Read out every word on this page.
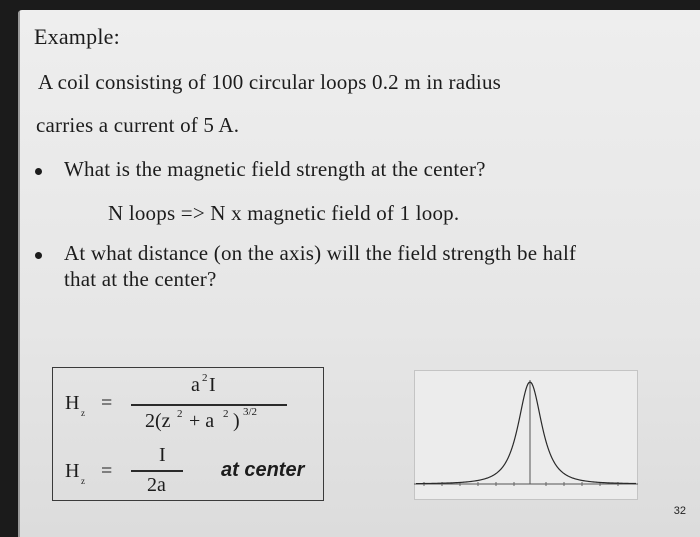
Example:
A coil consisting of 100 circular loops 0.2 m in radius
carries a current of 5 A.
What is the magnetic field strength at the center?
N loops => N x magnetic field of 1 loop.
At what distance (on the axis) will the field strength be half
that at the center?
H z =
a 2 I
2(z 2 + a 2 ) 3/2
H z =
I
2a
at center
32
